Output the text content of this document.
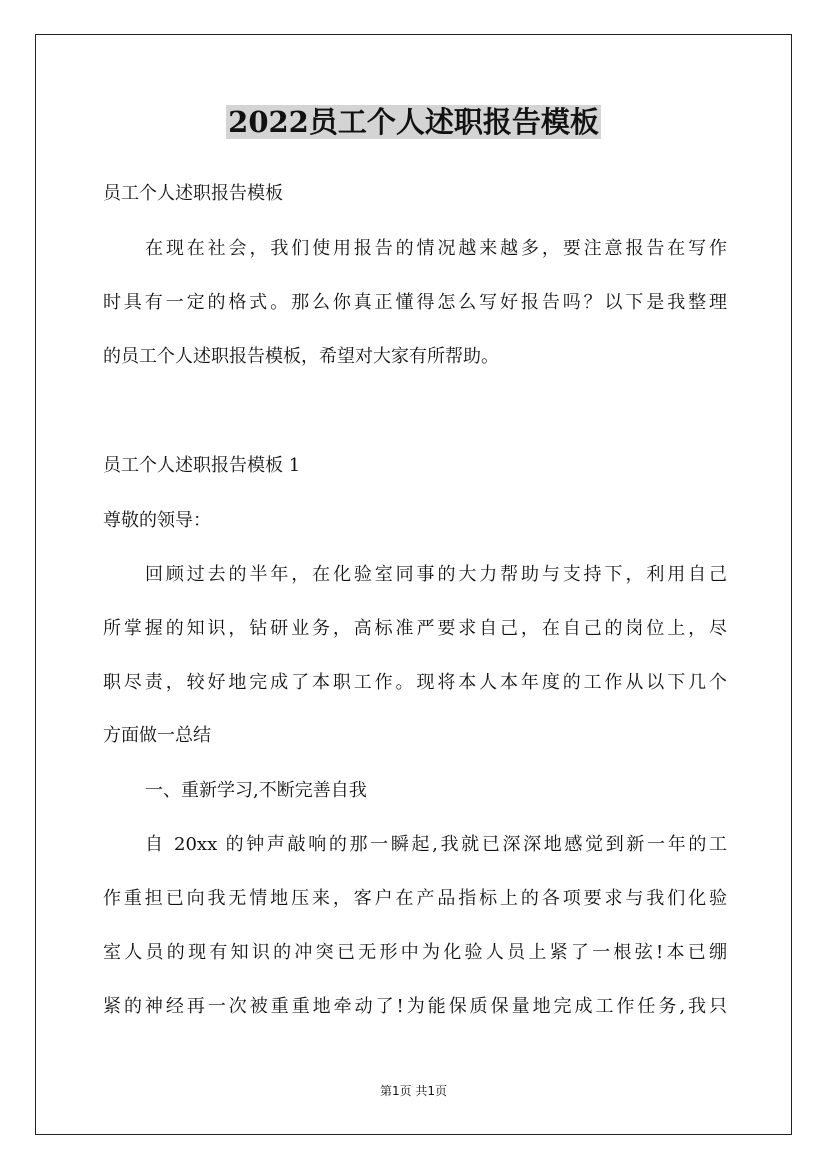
2022员工个人述职报告模板
员工个人述职报告模板
在现在社会，我们使用报告的情况越来越多，要注意报告在写作
时具有一定的格式。那么你真正懂得怎么写好报告吗？以下是我整理
的员工个人述职报告模板，希望对大家有所帮助。
员工个人述职报告模板 1
尊敬的领导：
回顾过去的半年，在化验室同事的大力帮助与支持下，利用自己
所掌握的知识，钻研业务，高标准严要求自己，在自己的岗位上，尽
职尽责，较好地完成了本职工作。现将本人本年度的工作从以下几个
方面做一总结
一、重新学习,不断完善自我
自 20xx 的钟声敲响的那一瞬起,我就已深深地感觉到新一年的工
作重担已向我无情地压来，客户在产品指标上的各项要求与我们化验
室人员的现有知识的冲突已无形中为化验人员上紧了一根弦!本已绷
紧的神经再一次被重重地牵动了!为能保质保量地完成工作任务,我只
第1页 共1页
